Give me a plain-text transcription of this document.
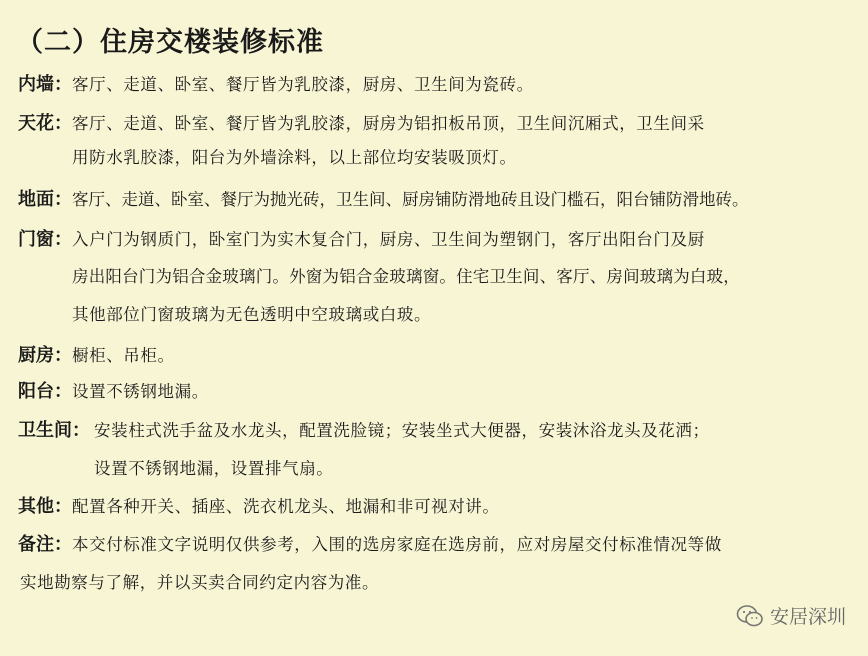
（二）住房交楼装修标准
内墙： 客厅、走道、卧室、餐厅皆为乳胶漆，厨房、卫生间为瓷砖。
天花： 客厅、走道、卧室、餐厅皆为乳胶漆，厨房为铝扣板吊顶，卫生间沉厢式，卫生间采
用防水乳胶漆，阳台为外墙涂料，以上部位均安装吸顶灯。
地面： 客厅、走道、卧室、餐厅为抛光砖，卫生间、厨房铺防滑地砖且设门槛石，阳台铺防滑地砖。
门窗： 入户门为钢质门，卧室门为实木复合门，厨房、卫生间为塑钢门，客厅出阳台门及厨
房出阳台门为铝合金玻璃门。外窗为铝合金玻璃窗。住宅卫生间、客厅、房间玻璃为白玻，
其他部位门窗玻璃为无色透明中空玻璃或白玻。
厨房： 橱柜、吊柜。
阳台： 设置不锈钢地漏。
卫生间： 安装柱式洗手盆及水龙头，配置洗脸镜；安装坐式大便器，安装沐浴龙头及花洒；
设置不锈钢地漏，设置排气扇。
其他： 配置各种开关、插座、洗衣机龙头、地漏和非可视对讲。
备注： 本交付标准文字说明仅供参考，入围的选房家庭在选房前，应对房屋交付标准情况等做
实地勘察与了解，并以买卖合同约定内容为准。
安居深圳
